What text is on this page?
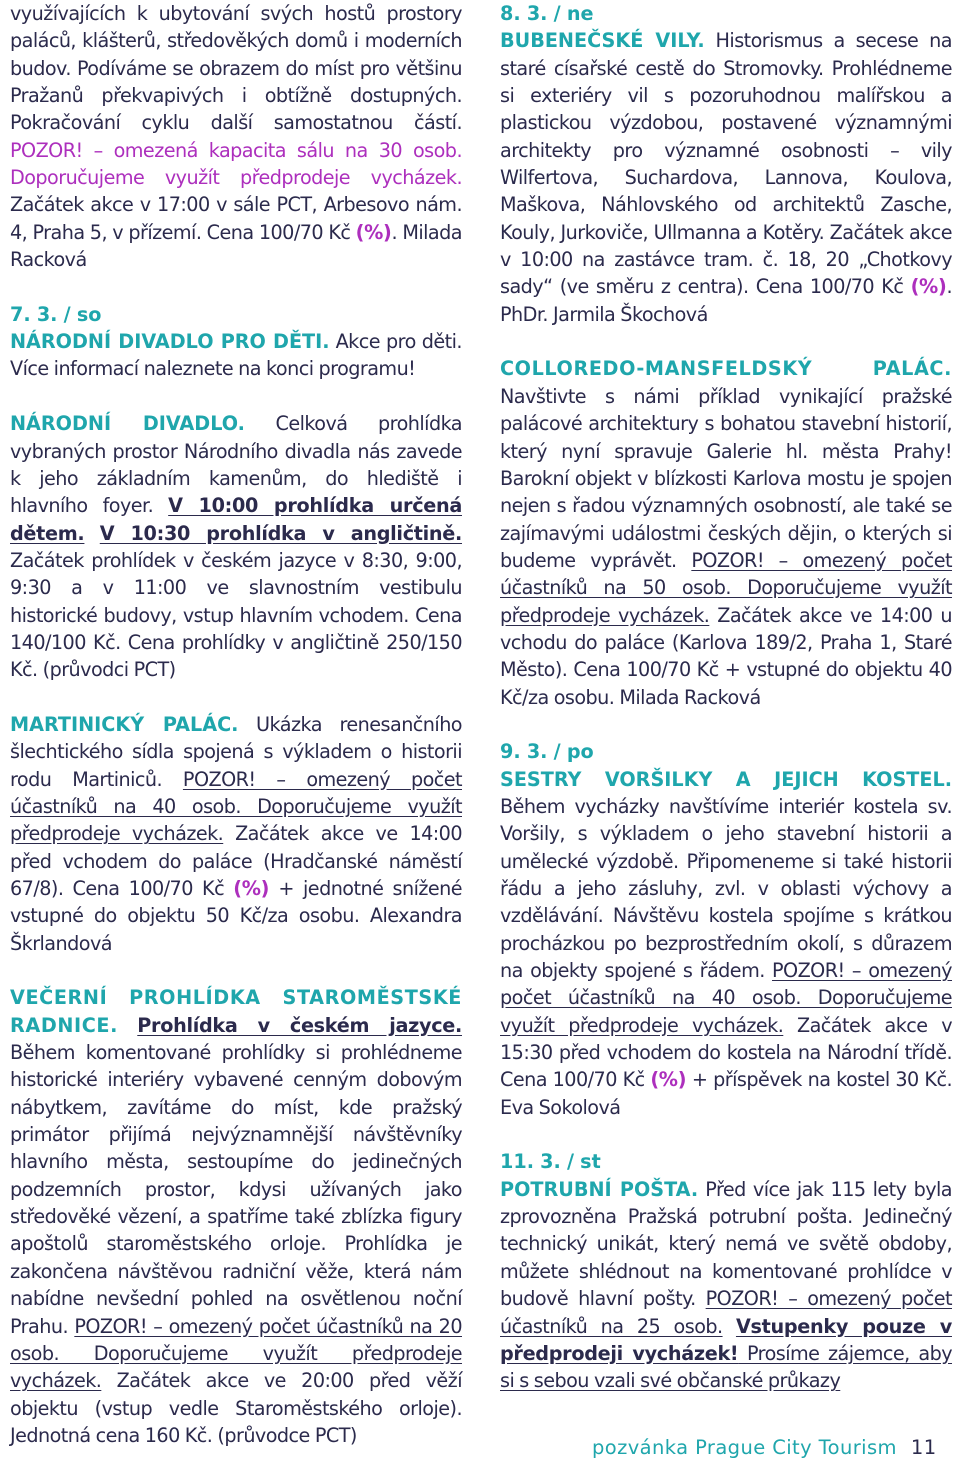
využívajících k ubytování svých hostů prostory paláců, klášterů, středověkých domů i moderních budov. Podíváme se obrazem do míst pro většinu Pražanů překvapivých i obtížně dostupných. Pokračování cyklu další samostatnou částí. POZOR! – omezená kapacita sálu na 30 osob. Doporučujeme využít předprodeje vycházek. Začátek akce v 17:00 v sále PCT, Arbesovo nám. 4, Praha 5, v přízemí. Cena 100/70 Kč (%). Milada Racková
7. 3. / so
NÁRODNÍ DIVADLO PRO DĚTI. Akce pro děti. Více informací naleznete na konci programu!
NÁRODNÍ DIVADLO. Celková prohlídka vybraných prostor Národního divadla nás zavede k jeho základním kamenům, do hlediště i hlavního foyer. V 10:00 prohlídka určená dětem. V 10:30 prohlídka v angličtině. Začátek prohlídek v českém jazyce v 8:30, 9:00, 9:30 a v 11:00 ve slavnostním vestibulu historické budovy, vstup hlavním vchodem. Cena 140/100 Kč. Cena prohlídky v angličtině 250/150 Kč. (průvodci PCT)
MARTINICKÝ PALÁC. Ukázka renesančního šlechtického sídla spojená s výkladem o historii rodu Martiniců. POZOR! – omezený počet účastníků na 40 osob. Doporučujeme využít předprodeje vycházek. Začátek akce ve 14:00 před vchodem do paláce (Hradčanské náměstí 67/8). Cena 100/70 Kč (%) + jednotné snížené vstupné do objektu 50 Kč/za osobu. Alexandra Škrlandová
VEČERNÍ PROHLÍDKA STAROMĚSTSKÉ RADNICE. Prohlídka v českém jazyce. Během komentované prohlídky si prohlédneme historické interiéry vybavené cenným dobovým nábytkem, zavítáme do míst, kde pražský primátor přijímá nejvýznamnější návštěvníky hlavního města, sestoupíme do jedinečných podzemních prostor, kdysi užívaných jako středověké vězení, a spatříme také zblízka figury apoštolů staroměstského orloje. Prohlídka je zakončena návštěvou radniční věže, která nám nabídne nevšední pohled na osvětlenou noční Prahu. POZOR! – omezený počet účastníků na 20 osob. Doporučujeme využít předprodeje vycházek. Začátek akce ve 20:00 před věží objektu (vstup vedle Staroměstského orloje). Jednotná cena 160 Kč. (průvodce PCT)
8. 3. / ne
BUBENEČSKÉ VILY. Historismus a secese na staré císařské cestě do Stromovky. Prohlédneme si exteriéry vil s pozoruhodnou malířskou a plastickou výzdobou, postavené významnými architekty pro významné osobnosti – vily Wilfertova, Suchardova, Lannova, Koulova, Maškova, Náhlovského od architektů Zasche, Kouly, Jurkoviče, Ullmanna a Kotěry. Začátek akce v 10:00 na zastávce tram. č. 18, 20 „Chotkovy sady“ (ve směru z centra). Cena 100/70 Kč (%). PhDr. Jarmila Škochová
COLLOREDO-MANSFELDSKÝ PALÁC. Navštivte s námi příklad vynikající pražské palácové architektury s bohatou stavební historií, který nyní spravuje Galerie hl. města Prahy! Barokní objekt v blízkosti Karlova mostu je spojen nejen s řadou významných osobností, ale také se zajímavými událostmi českých dějin, o kterých si budeme vyprávět. POZOR! – omezený počet účastníků na 50 osob. Doporučujeme využít předprodeje vycházek. Začátek akce ve 14:00 u vchodu do paláce (Karlova 189/2, Praha 1, Staré Město). Cena 100/70 Kč + vstupné do objektu 40 Kč/za osobu. Milada Racková
9. 3. / po
SESTRY VORŠILKY A JEJICH KOSTEL. Během vycházky navštívíme interiér kostela sv. Voršily, s výkladem o jeho stavební historii a umělecké výzdobě. Připomeneme si také historii řádu a jeho zásluhy, zvl. v oblasti výchovy a vzdělávání. Návštěvu kostela spojíme s krátkou procházkou po bezprostředním okolí, s důrazem na objekty spojené s řádem. POZOR! – omezený počet účastníků na 40 osob. Doporučujeme využít předprodeje vycházek. Začátek akce v 15:30 před vchodem do kostela na Národní třídě. Cena 100/70 Kč (%) + příspěvek na kostel 30 Kč. Eva Sokolová
11. 3. / st
POTRUBNÍ POŠTA. Před více jak 115 lety byla zprovozněna Pražská potrubní pošta. Jedinečný technický unikát, který nemá ve světě obdoby, můžete shlédnout na komentované prohlídce v budově hlavní pošty. POZOR! – omezený počet účastníků na 25 osob. Vstupenky pouze v předprodeji vycházek! Prosíme zájemce, aby si s sebou vzali své občanské průkazy
pozvánka Prague City Tourism 11
